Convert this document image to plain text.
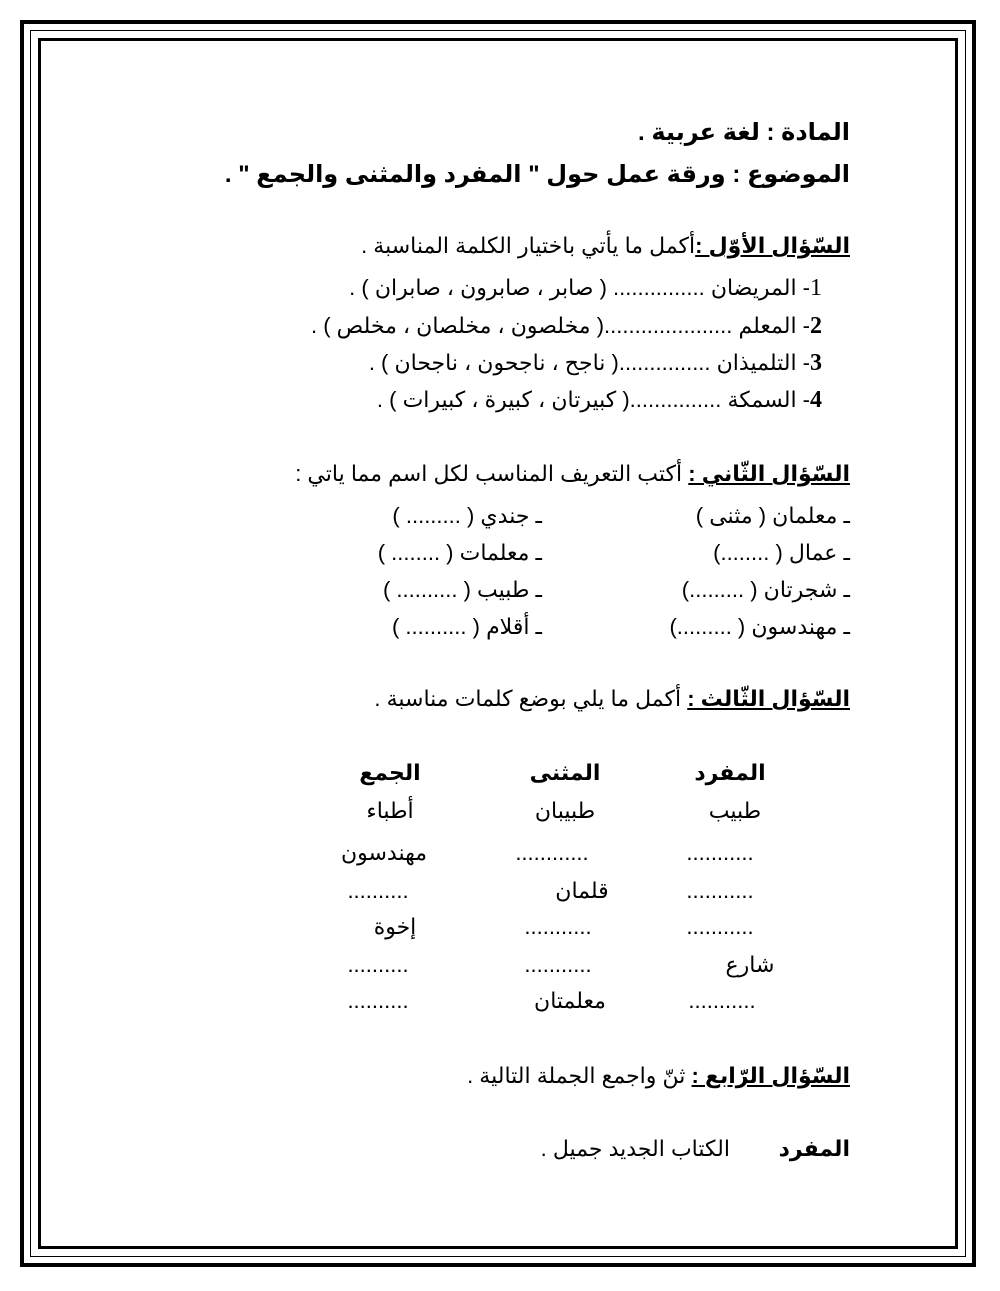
المادة : لغة عربية .
الموضوع : ورقة عمل حول " المفرد والمثنى والجمع " .
السّؤال الأوّل :أكمل ما يأتي باختيار الكلمة المناسبة .
1- المريضان ............... ( صابر ، صابرون ، صابران ) .
2- المعلم .....................( مخلصون ، مخلصان ، مخلص ) .
3- التلميذان ...............( ناجح ، ناجحون ، ناجحان ) .
4- السمكة ...............( كبيرتان ، كبيرة ، كبيرات ) .
السّؤال الثّاني : أكتب التعريف المناسب لكل اسم مما ياتي :
ـ معلمان ( مثنى )
ـ جندي ( ......... )
ـ عمال ( ........)
ـ معلمات ( ........ )
ـ شجرتان ( .........)
ـ طبيب ( .......... )
ـ مهندسون ( .........)
ـ أقلام ( .......... )
السّؤال الثّالث : أكمل ما يلي بوضع كلمات مناسبة .
المفرد
المثنى
الجمع
طبيب
طبيبان
أطباء
...........
............
مهندسون
...........
قلمان
..........
...........
...........
إخوة
شارع
...........
..........
...........
معلمتان
..........
السّؤال الرّابع : ثنّ واجمع الجملة التالية .
المفرد
الكتاب الجديد جميل .
